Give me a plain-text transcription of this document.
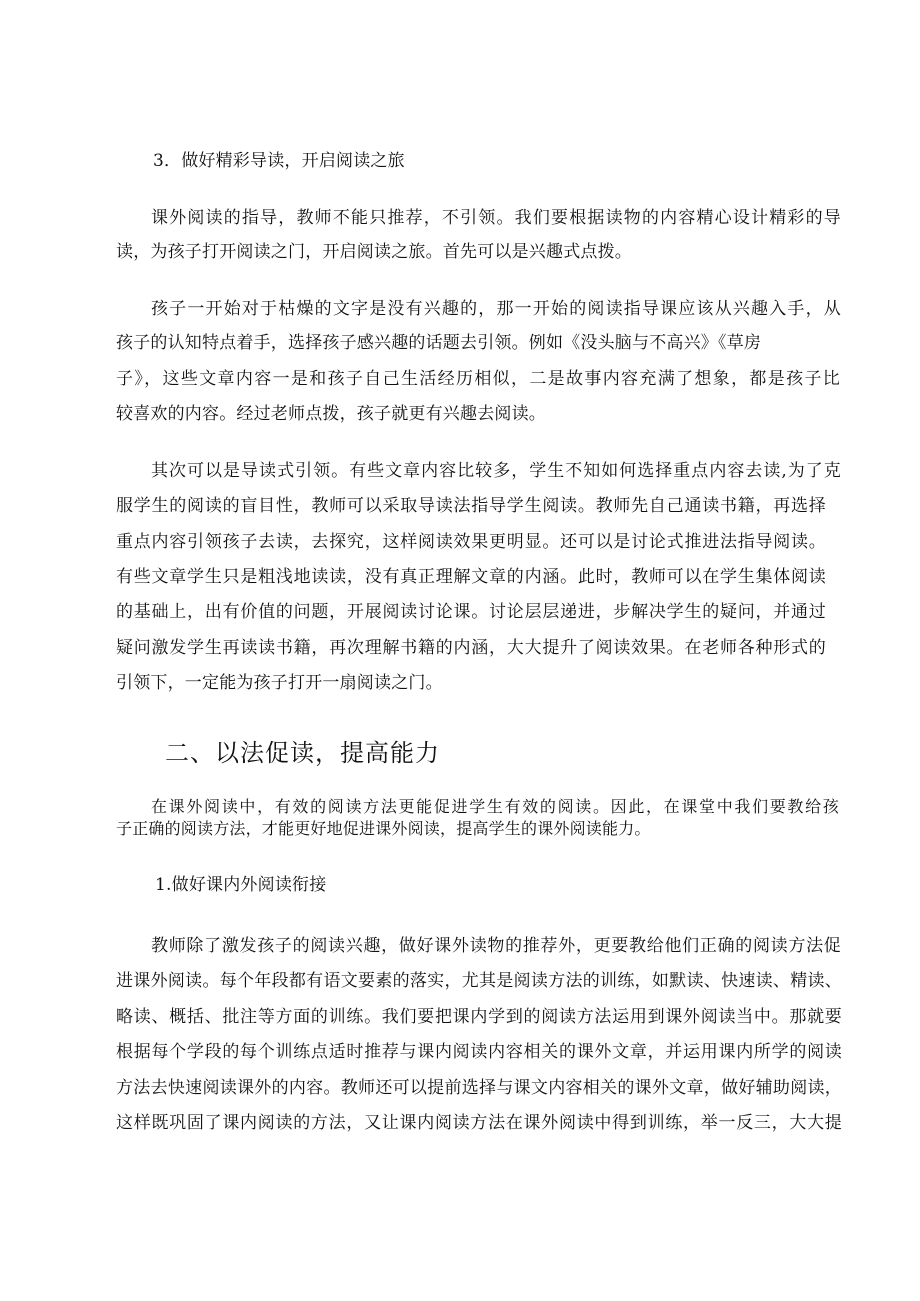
3．做好精彩导读，开启阅读之旅
课外阅读的指导，教师不能只推荐，不引领。我们要根据读物的内容精心设计精彩的导
读，为孩子打开阅读之门，开启阅读之旅。首先可以是兴趣式点拨。
孩子一开始对于枯燥的文字是没有兴趣的，那一开始的阅读指导课应该从兴趣入手，从
孩子的认知特点着手，选择孩子感兴趣的话题去引领。例如《没头脑与不高兴》《草房
子》，这些文章内容一是和孩子自己生活经历相似，二是故事内容充满了想象，都是孩子比
较喜欢的内容。经过老师点拨，孩子就更有兴趣去阅读。
其次可以是导读式引领。有些文章内容比较多，学生不知如何选择重点内容去读,为了克
服学生的阅读的盲目性，教师可以采取导读法指导学生阅读。教师先自己通读书籍，再选择
重点内容引领孩子去读，去探究，这样阅读效果更明显。还可以是讨论式推进法指导阅读。
有些文章学生只是粗浅地读读，没有真正理解文章的内涵。此时，教师可以在学生集体阅读
的基础上，出有价值的问题，开展阅读讨论课。讨论层层递进，步解决学生的疑问，并通过
疑问激发学生再读读书籍，再次理解书籍的内涵，大大提升了阅读效果。在老师各种形式的
引领下，一定能为孩子打开一扇阅读之门。
二、以法促读，提高能力
在课外阅读中，有效的阅读方法更能促进学生有效的阅读。因此，在课堂中我们要教给孩
子正确的阅读方法，才能更好地促进课外阅读，提高学生的课外阅读能力。
1.做好课内外阅读衔接
教师除了激发孩子的阅读兴趣，做好课外读物的推荐外，更要教给他们正确的阅读方法促
进课外阅读。每个年段都有语文要素的落实，尤其是阅读方法的训练，如默读、快速读、精读、
略读、概括、批注等方面的训练。我们要把课内学到的阅读方法运用到课外阅读当中。那就要
根据每个学段的每个训练点适时推荐与课内阅读内容相关的课外文章，并运用课内所学的阅读
方法去快速阅读课外的内容。教师还可以提前选择与课文内容相关的课外文章，做好辅助阅读，
这样既巩固了课内阅读的方法，又让课内阅读方法在课外阅读中得到训练，举一反三，大大提
